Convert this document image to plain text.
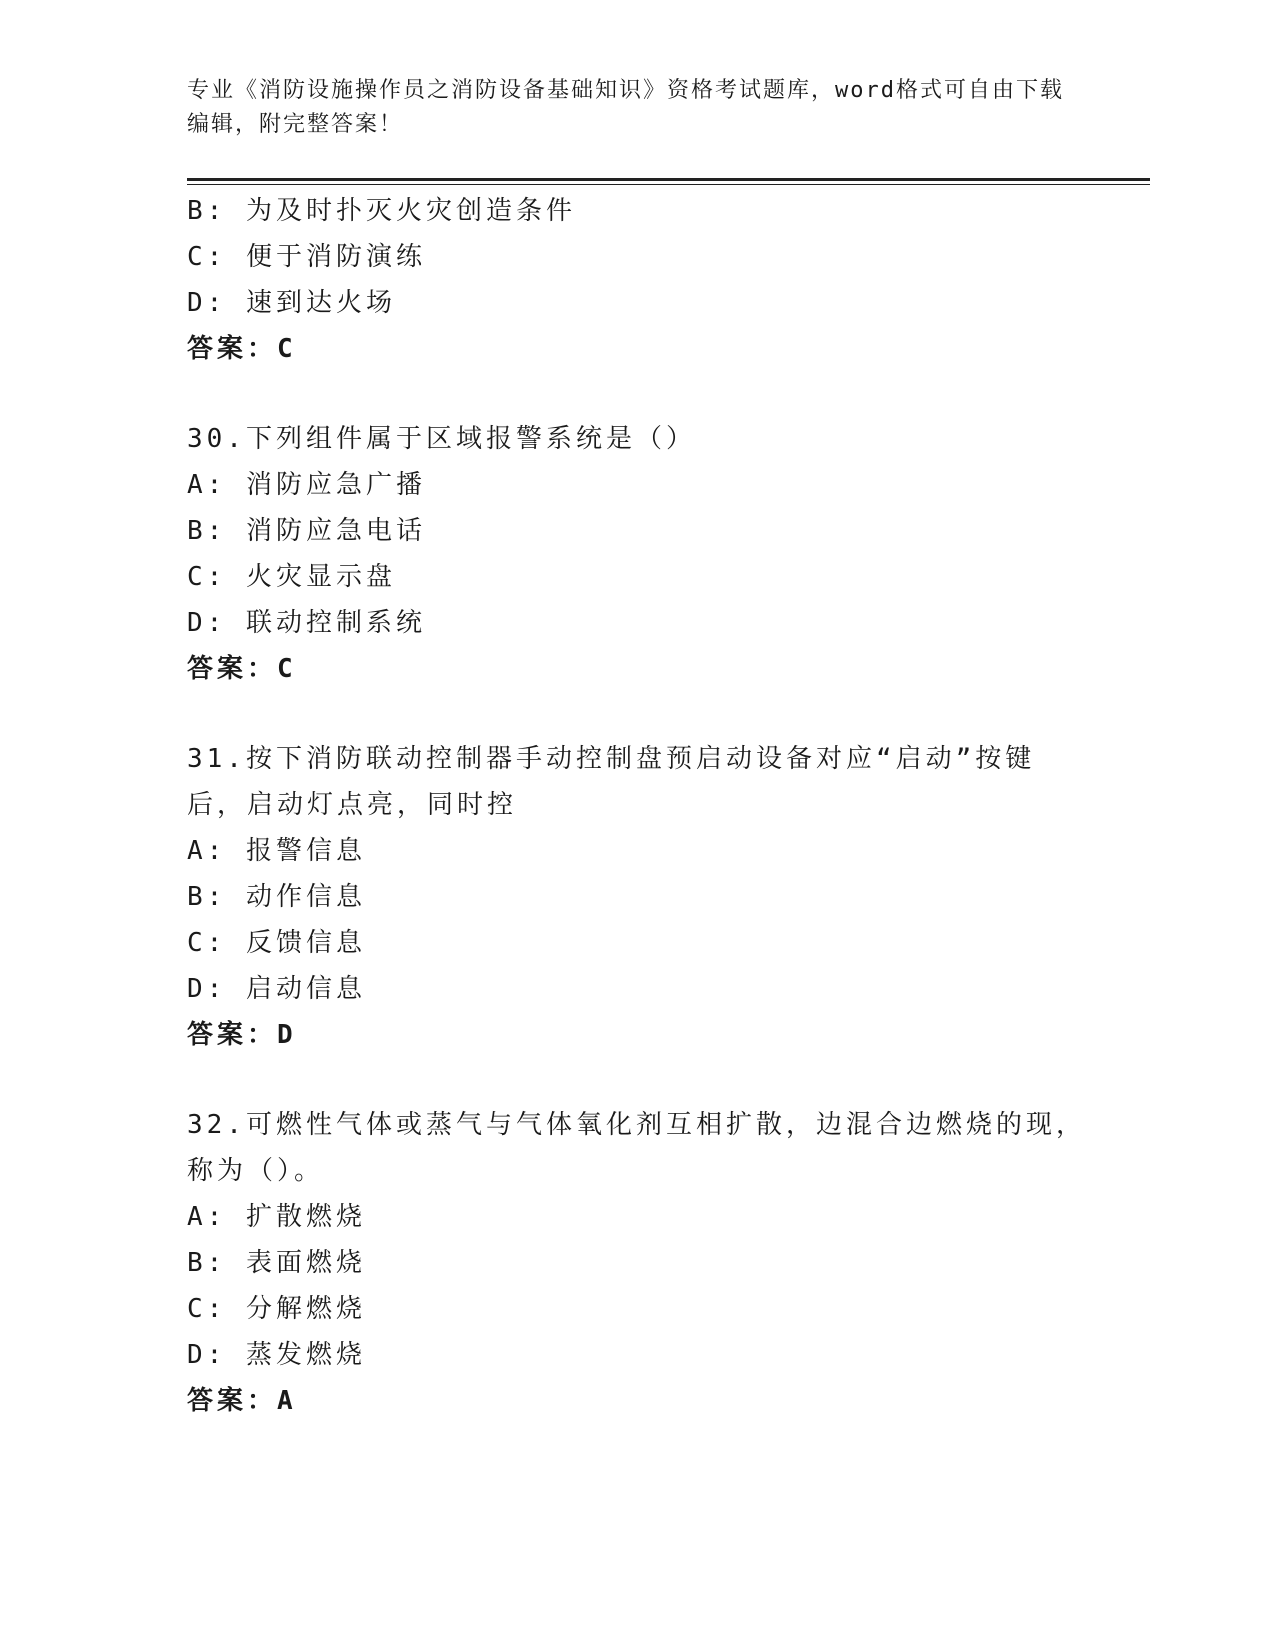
专业《消防设施操作员之消防设备基础知识》资格考试题库，word格式可自由下载编辑，附完整答案！

B: 为及时扑灭火灾创造条件

C: 便于消防演练

D: 速到达火场

答案：C

30.下列组件属于区域报警系统是（）

A: 消防应急广播

B: 消防应急电话

C: 火灾显示盘

D: 联动控制系统

答案：C

31.按下消防联动控制器手动控制盘预启动设备对应“启动”按键后，启动灯点亮，同时控

A: 报警信息

B: 动作信息

C: 反馈信息

D: 启动信息

答案：D

32.可燃性气体或蒸气与气体氧化剂互相扩散，边混合边燃烧的现，称为（）。

A: 扩散燃烧

B: 表面燃烧

C: 分解燃烧

D: 蒸发燃烧

答案：A
